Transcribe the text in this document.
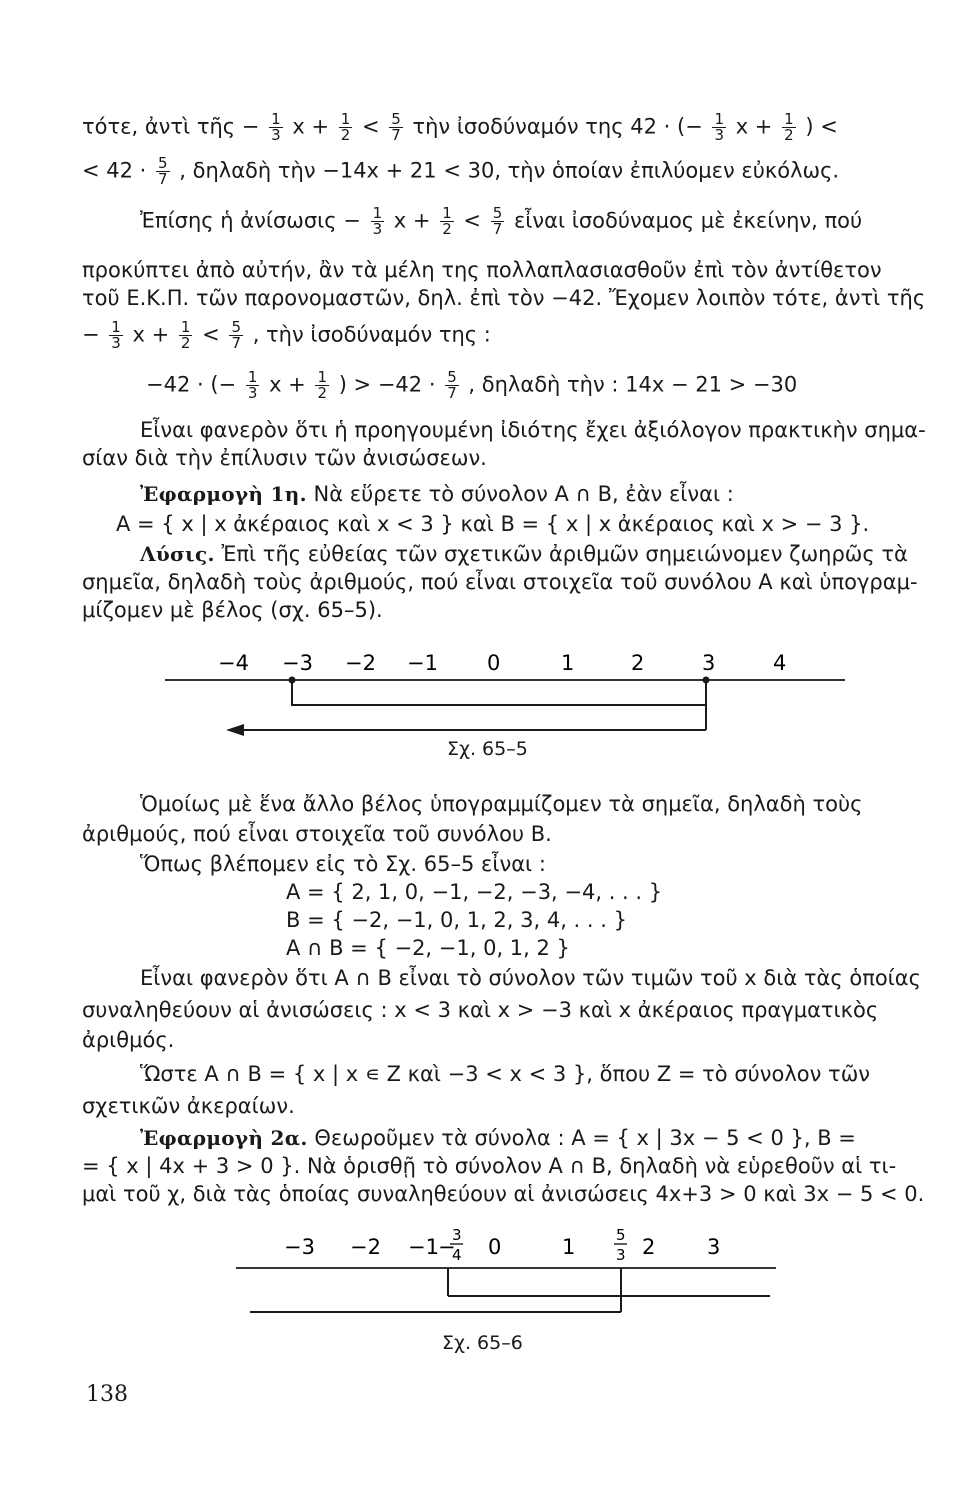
τότε, ἀντὶ τῆς − $\frac{1}{3}$ $x + \frac{1}{2} < \frac{5}{7}$ τὴν ἰσοδύναμόν της 42 · (− $\frac{1}{3}$ $x + \frac{1}{2}$ ) <
< $42 \cdot \frac{5}{7}$ , δηλαδὴ τὴν −14x + 21 < 30, τὴν ὁποίαν ἐπιλύομεν εὐκόλως.
Ἐπίσης ἡ ἀνίσωσις − $\frac{1}{3}$ $x + \frac{1}{2} < \frac{5}{7}$ εἶναι ἰσοδύναμος μὲ ἐκείνην, πού
προκύπτει ἀπὸ αὐτήν, ἂν τὰ μέλη της πολλαπλασιασθοῦν ἐπὶ τὸν ἀντίθετον
τοῦ Ε.Κ.Π. τῶν παρονομαστῶν, δηλ. ἐπὶ τὸν −42. Ἔχομεν λοιπὸν τότε, ἀντὶ τῆς
− $\frac{1}{3}$ $x + \frac{1}{2} < \frac{5}{7}$ , τὴν ἰσοδύναμόν της :
−42 · (− $\frac{1}{3}$ $x + \frac{1}{2}$ ) > $-42 \cdot \frac{5}{7}$ , δηλαδὴ τὴν : 14x − 21 > −30
Εἶναι φανερὸν ὅτι ἡ προηγουμένη ἰδιότης ἔχει ἀξιόλογον πρακτικὴν σημα-
σίαν διὰ τὴν ἐπίλυσιν τῶν ἀνισώσεων.
Ἐφαρμογὴ 1η. Νὰ εὕρετε τὸ σύνολον A ∩ B, ἐὰν εἶναι :
A = { x | x ἀκέραιος καὶ x < 3 } καὶ B = { x | x ἀκέραιος καὶ x > − 3 }.
Λύσις. Ἐπὶ τῆς εὐθείας τῶν σχετικῶν ἀριθμῶν σημειώνομεν ζωηρῶς τὰ
σημεῖα, δηλαδὴ τοὺς ἀριθμούς, πού εἶναι στοιχεῖα τοῦ συνόλου A καὶ ὑπογραμ-
μίζομεν μὲ βέλος (σχ. 65–5).
−4 −3 −2 −1 0	1	2	3	4
Σχ. 65–5
Ὁμοίως μὲ ἕνα ἄλλο βέλος ὑπογραμμίζομεν τὰ σημεῖα, δηλαδὴ τοὺς
ἀριθμούς, πού εἶναι στοιχεῖα τοῦ συνόλου B.
Ὅπως βλέπομεν εἰς τὸ Σχ. 65–5 εἶναι :
A = { 2, 1, 0, −1, −2, −3, −4, . . . }
B = { −2, −1, 0, 1, 2, 3, 4, . . . }
A ∩ B = { −2, −1, 0, 1, 2 }
Εἶναι φανερὸν ὅτι A ∩ B εἶναι τὸ σύνολον τῶν τιμῶν τοῦ x διὰ τὰς ὁποίας
συναληθεύουν αἱ ἀνισώσεις : x < 3 καὶ x > −3 καὶ x ἀκέραιος πραγματικὸς
ἀριθμός.
Ὥστε A ∩ B = { x | x ∊ Z καὶ −3 < x < 3 }, ὅπου Z = τὸ σύνολον τῶν
σχετικῶν ἀκεραίων.
Ἐφαρμογὴ 2α. Θεωροῦμεν τὰ σύνολα : A = { x | 3x − 5 < 0 }, B =
= { x | 4x + 3 > 0 }. Νὰ ὁρισθῇ τὸ σύνολον A ∩ B, δηλαδὴ νὰ εὑρεθοῦν αἱ τι-
μαὶ τοῦ χ, διὰ τὰς ὁποίας συναληθεύουν αἱ ἀνισώσεις 4x+3 > 0 καὶ 3x − 5 < 0.
−3 −2 −1 −
3
4 0	1	5
3 2 3
Σχ. 65–6
138
